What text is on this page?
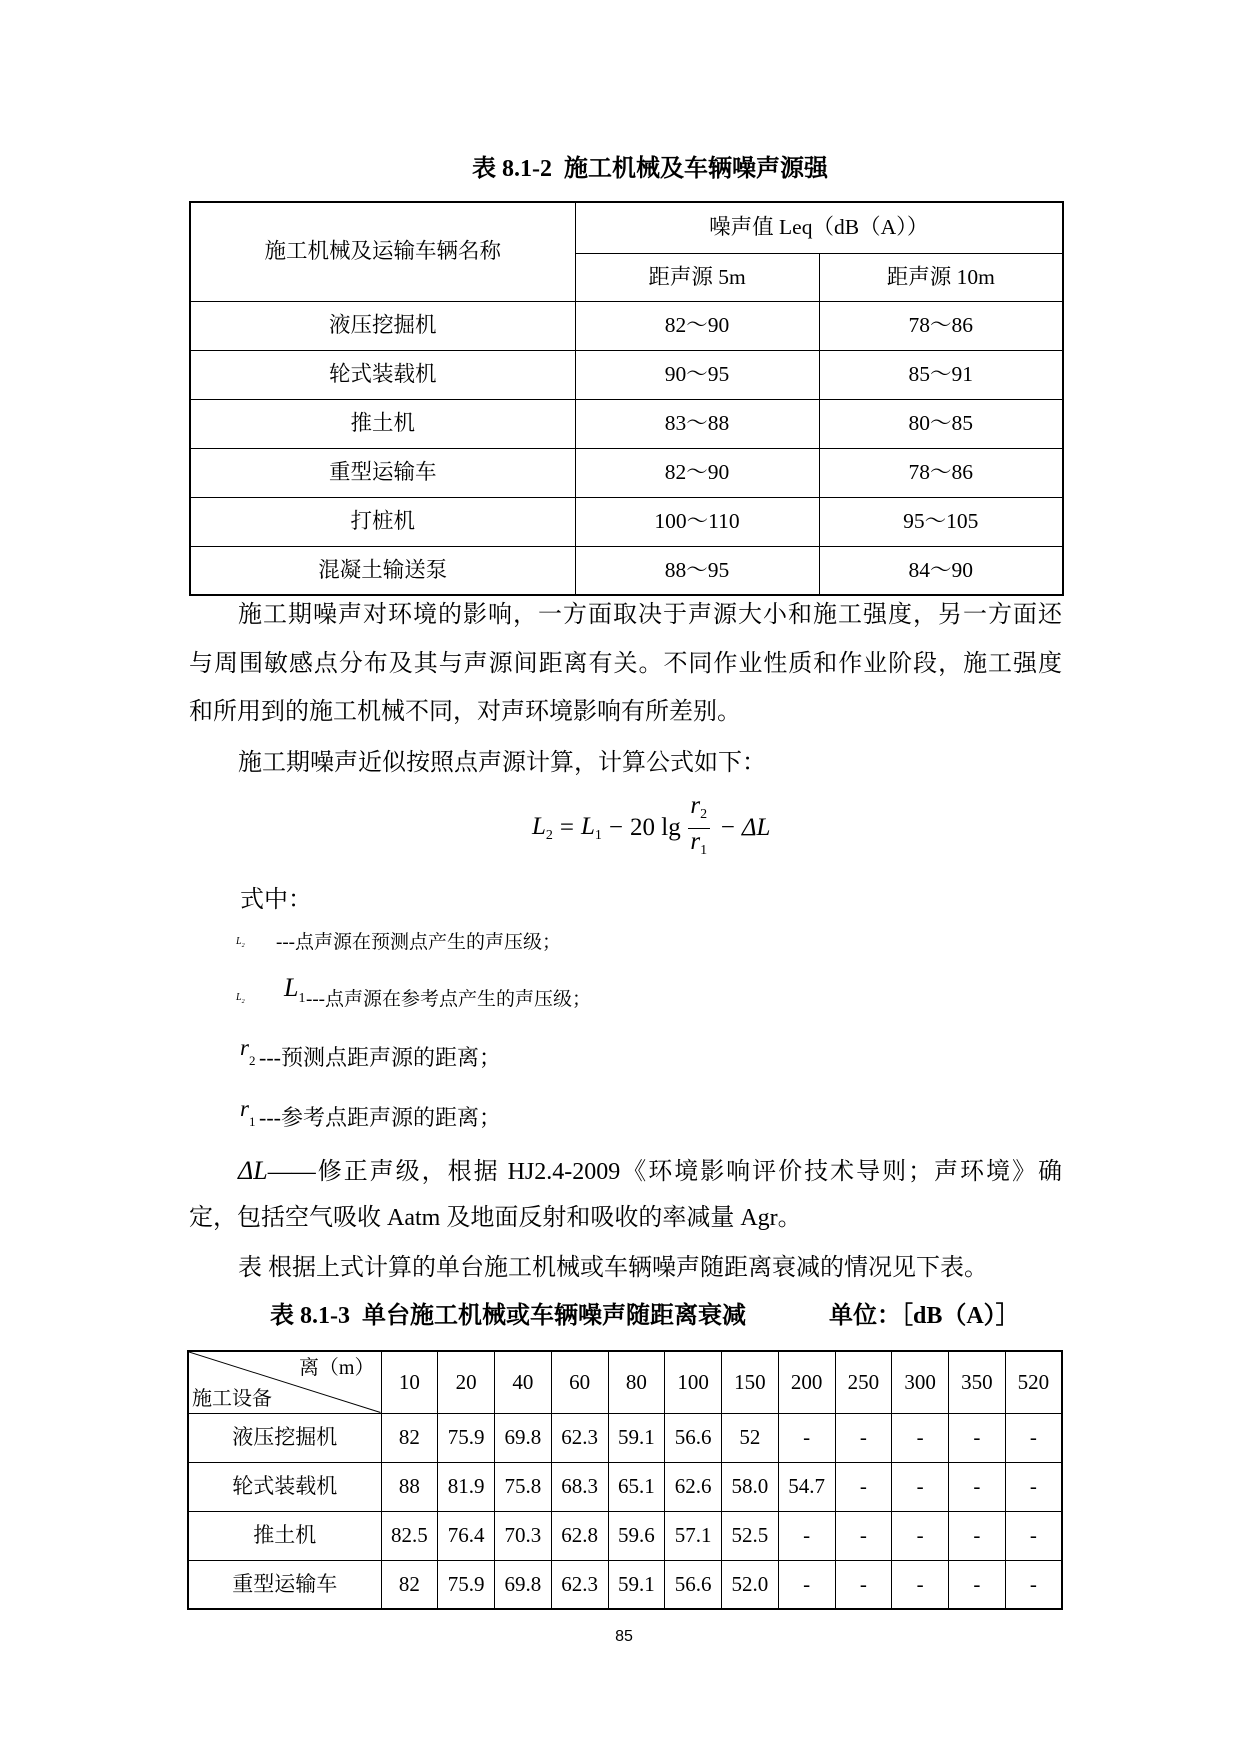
表 8.1-2  施工机械及车辆噪声源强
施工机械及运输车辆名称	噪声值 Leq（dB（A））	
	距声源 5m	距声源 10m
液压挖掘机	82～90	78～86
轮式装载机	90～95	85～91
推土机	83～88	80～85
重型运输车	82～90	78～86
打桩机	100～110	95～105
混凝土输送泵	88～95	84～90
施工期噪声对环境的影响，一方面取决于声源大小和施工强度，另一方面还
与周围敏感点分布及其与声源间距离有关。不同作业性质和作业阶段，施工强度
和所用到的施工机械不同，对声环境影响有所差别。
施工期噪声近似按照点声源计算，计算公式如下：
$L_2 = L_1 - 20$ $\lg \frac{r_2}{r_1} - \Delta L$
式中：
$L_2$ ---点声源在预测点产生的声压级；
$L_2$ $L_1$ ---点声源在参考点产生的声压级；
$r_2$ ---预测点距声源的距离；
$r_1$ ---参考点距声源的距离；
ΔL——修正声级，根据 HJ2.4-2009《环境影响评价技术导则；声环境》确
定，包括空气吸收 Aatm 及地面反射和吸收的率减量 Agr。
表 根据上式计算的单台施工机械或车辆噪声随距离衰减的情况见下表。
表 8.1-3  单台施工机械或车辆噪声随距离衰减	单位：［dB（A）］
离（m）
施工设备	10	20	40	60	80	100	150	200	250	300	350	520
液压挖掘机	82	75.9	69.8	62.3	59.1	56.6	52	-	-	-	-	-
轮式装载机	88	81.9	75.8	68.3	65.1	62.6	58.0	54.7	-	-	-	-
推土机	82.5	76.4	70.3	62.8	59.6	57.1	52.5	-	-	-	-	-
重型运输车	82	75.9	69.8	62.3	59.1	56.6	52.0	-	-	-	-	-
85
